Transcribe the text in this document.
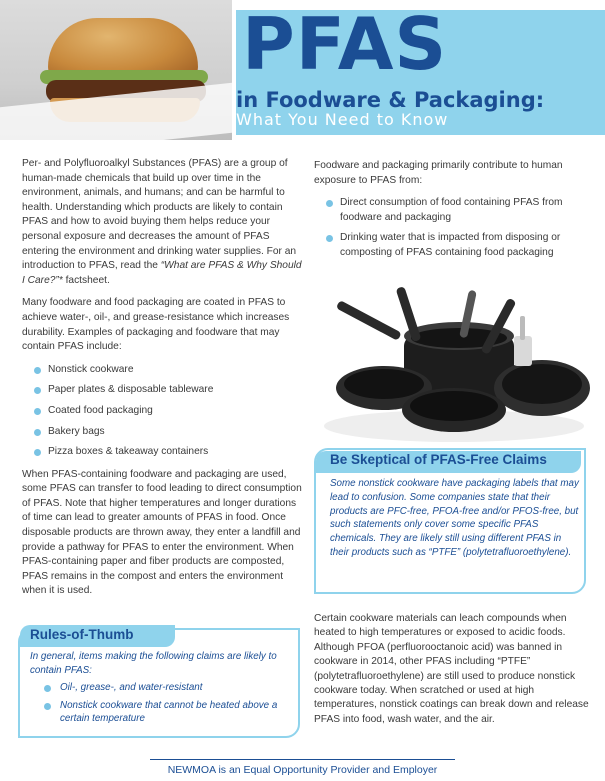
PFAS
in Foodware & Packaging:
What You Need to Know

Per- and Polyfluoroalkyl Substances (PFAS) are a group of human-made chemicals that build up over time in the environment, animals, and humans; and can be harmful to health. Understanding which products are likely to contain PFAS and how to avoid buying them helps reduce your personal exposure and decreases the amount of PFAS entering the environment and drinking water supplies. For an introduction to PFAS, read the “What are PFAS & Why Should I Care?”* factsheet.

Many foodware and food packaging are coated in PFAS to achieve water-, oil-, and grease-resistance which increases durability. Examples of packaging and foodware that may contain PFAS include:

Nonstick cookware
Paper plates & disposable tableware
Coated food packaging
Bakery bags
Pizza boxes & takeaway containers

When PFAS-containing foodware and packaging are used, some PFAS can transfer to food leading to direct consumption of PFAS. Note that higher temperatures and longer durations of time can lead to greater amounts of PFAS in food. Once disposable products are thrown away, they enter a landfill and provide a pathway for PFAS to enter the environment. When PFAS-containing paper and fiber products are composted, PFAS remains in the compost and enters the environment when it is used.

Foodware and packaging primarily contribute to human exposure to PFAS from:

Direct consumption of food containing PFAS from foodware and packaging
Drinking water that is impacted from disposing or composting of PFAS containing food packaging
Be Skeptical of PFAS-Free Claims
Some nonstick cookware have packaging labels that may lead to confusion. Some companies state that their products are PFC-free, PFOA-free and/or PFOS-free, but such statements only cover some specific PFAS chemicals. They are likely still using different PFAS in their products such as “PTFE” (polytetrafluoroethylene).
Certain cookware materials can leach compounds when heated to high temperatures or exposed to acidic foods. Although PFOA (perfluorooctanoic acid) was banned in cookware in 2014, other PFAS including “PTFE” (polytetrafluoroethylene) are still used to produce nonstick cookware today. When scratched or used at high temperatures, nonstick coatings can break down and release PFAS into food, wash water, and the air.
Rules-of-Thumb
In general, items making the following claims are likely to contain PFAS:
Oil-, grease-, and water-resistant
Nonstick cookware that cannot be heated above a certain temperature
NEWMOA is an Equal Opportunity Provider and Employer
